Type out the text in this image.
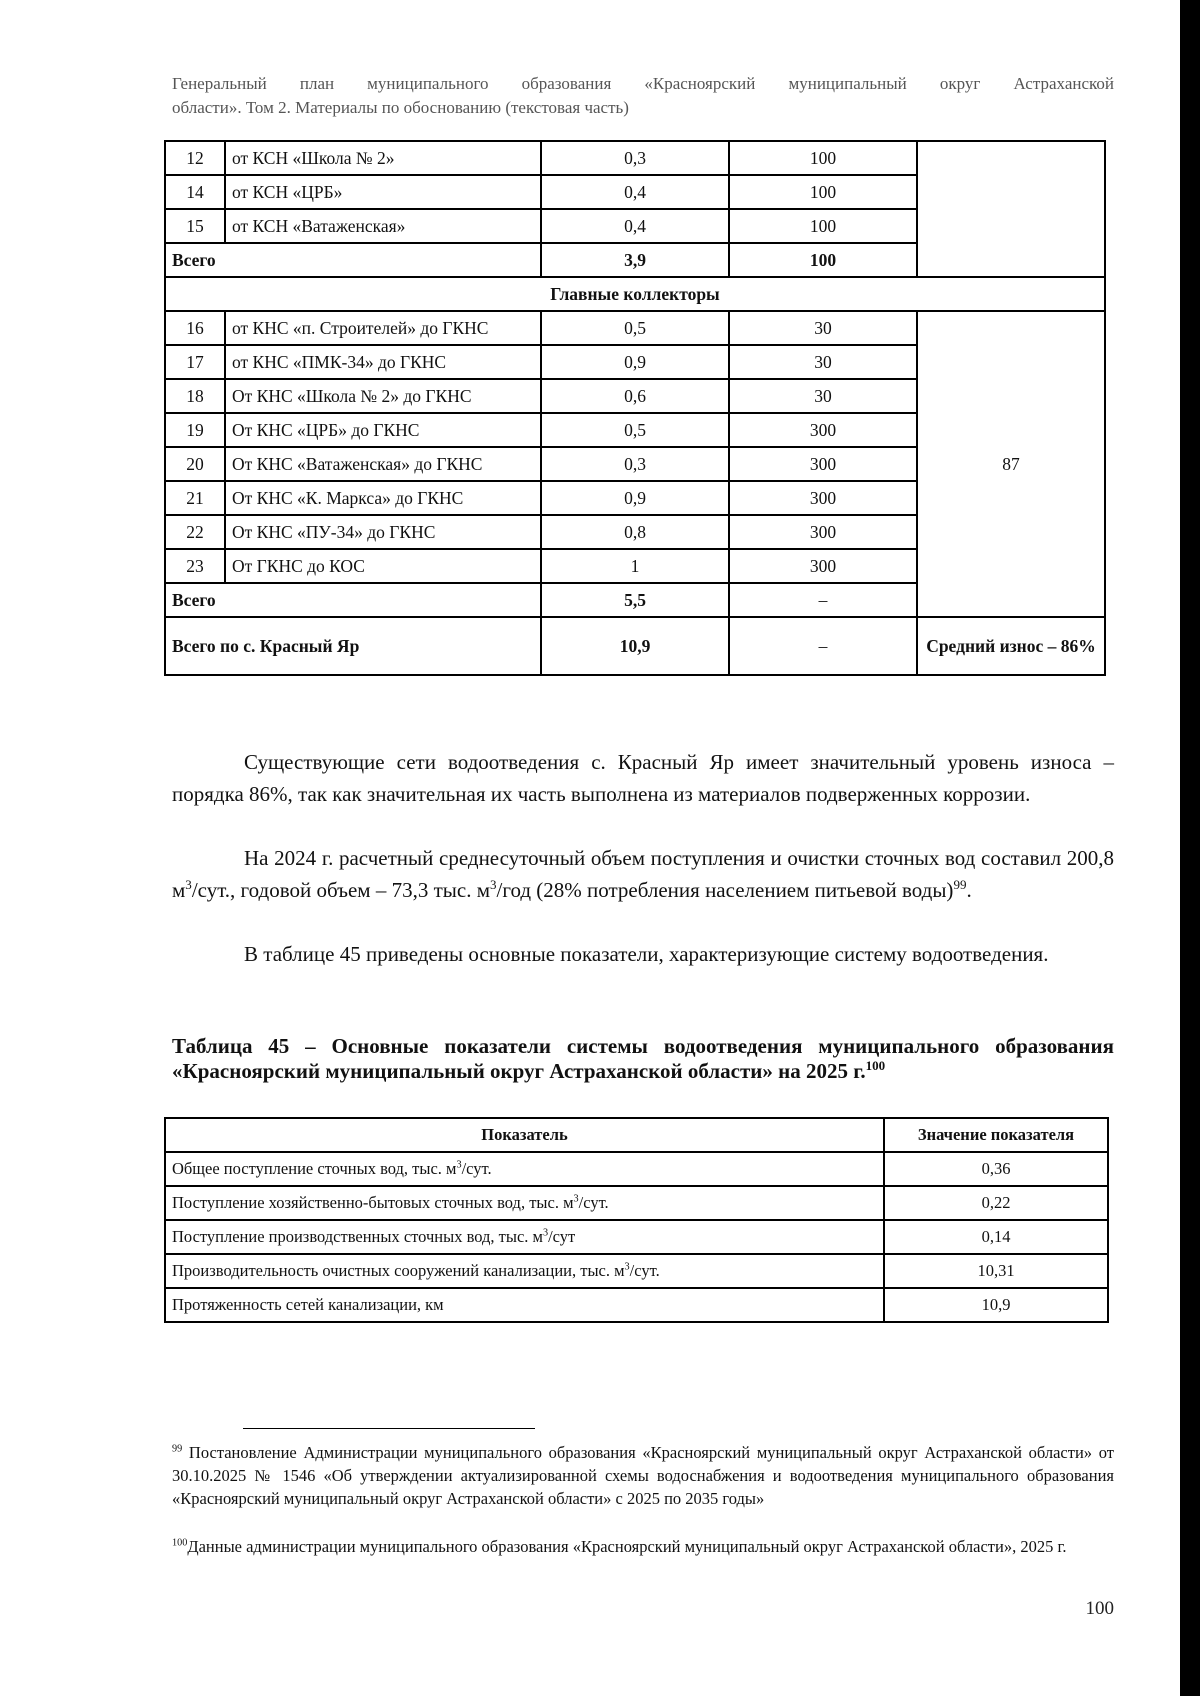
Генеральный план муниципального образования «Красноярский муниципальный округ Астраханской
области». Том 2. Материалы по обоснованию (текстовая часть)
12	от КСН «Школа № 2»	0,3	100	
14	от КСН «ЦРБ»	0,4	100	
15	от КСН «Ватаженская»	0,4	100	
Всего		3,9	100	
Главные коллекторы				
16	от КНС «п. Строителей» до ГКНС	0,5	30	87
17	от КНС «ПМК-34» до ГКНС	0,9	30	
18	От КНС «Школа № 2» до ГКНС	0,6	30	
19	От КНС «ЦРБ» до ГКНС	0,5	300	
20	От КНС «Ватаженская» до ГКНС	0,3	300	
21	От КНС «К. Маркса» до ГКНС	0,9	300	
22	От КНС «ПУ-34» до ГКНС	0,8	300	
23	От ГКНС до КОС	1	300	
Всего		5,5	–	
Всего по с. Красный Яр		10,9	–	Средний износ – 86%

Существующие сети водоотведения с. Красный Яр имеет значительный уровень износа – порядка 86%, так как значительная их часть выполнена из материалов подверженных коррозии.

На 2024 г. расчетный среднесуточный объем поступления и очистки сточных вод составил 200,8 $м^3$/сут., годовой объем – 73,3 тыс. $м^3$/год (28% потребления населением питьевой воды)$^{99}$.

В таблице 45 приведены основные показатели, характеризующие систему водоотведения.

Таблица 45 – Основные показатели системы водоотведения муниципального образования «Красноярский муниципальный округ Астраханской области» на 2025 г.$^{100}$

Показатель	Значение показателя
Общее поступление сточных вод, тыс. $м^3$/сут.	0,36
Поступление хозяйственно-бытовых сточных вод, тыс. $м^3$/сут.	0,22
Поступление производственных сточных вод, тыс. $м^3$/сут	0,14
Производительность очистных сооружений канализации, тыс. $м^3$/сут.	10,31
Протяженность сетей канализации, км	10,9

$^{99}$ Постановление Администрации муниципального образования «Красноярский муниципальный округ Астраханской области» от 30.10.2025 № 1546 «Об утверждении актуализированной схемы водоснабжения и водоотведения муниципального образования «Красноярский муниципальный округ Астраханской области» с 2025 по 2035 годы»

$^{100}$Данные администрации муниципального образования «Красноярский муниципальный округ Астраханской области», 2025 г.

100
